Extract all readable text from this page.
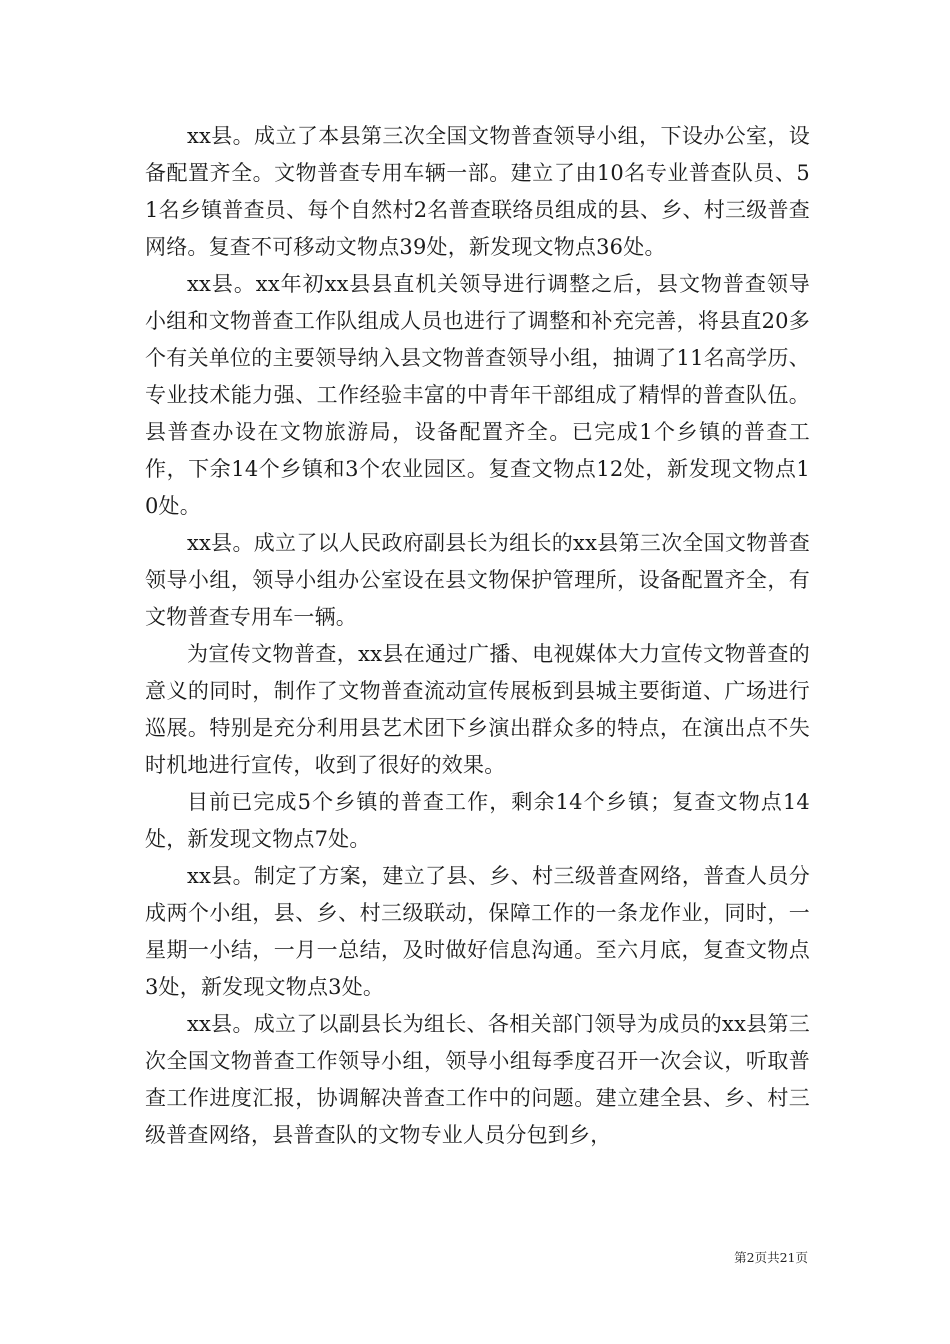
xx县。成立了本县第三次全国文物普查领导小组，下设办公室，设备配置齐全。文物普查专用车辆一部。建立了由10名专业普查队员、51名乡镇普查员、每个自然村2名普查联络员组成的县、乡、村三级普查网络。复查不可移动文物点39处，新发现文物点36处。

xx县。xx年初xx县县直机关领导进行调整之后，县文物普查领导小组和文物普查工作队组成人员也进行了调整和补充完善，将县直20多个有关单位的主要领导纳入县文物普查领导小组，抽调了11名高学历、专业技术能力强、工作经验丰富的中青年干部组成了精悍的普查队伍。县普查办设在文物旅游局，设备配置齐全。已完成1个乡镇的普查工作，下余14个乡镇和3个农业园区。复查文物点12处，新发现文物点10处。

xx县。成立了以人民政府副县长为组长的xx县第三次全国文物普查领导小组，领导小组办公室设在县文物保护管理所，设备配置齐全，有文物普查专用车一辆。

为宣传文物普查，xx县在通过广播、电视媒体大力宣传文物普查的意义的同时，制作了文物普查流动宣传展板到县城主要街道、广场进行巡展。特别是充分利用县艺术团下乡演出群众多的特点，在演出点不失时机地进行宣传，收到了很好的效果。

目前已完成5个乡镇的普查工作，剩余14个乡镇；复查文物点14处，新发现文物点7处。

xx县。制定了方案，建立了县、乡、村三级普查网络，普查人员分成两个小组，县、乡、村三级联动，保障工作的一条龙作业，同时，一星期一小结，一月一总结，及时做好信息沟通。至六月底，复查文物点3处，新发现文物点3处。

xx县。成立了以副县长为组长、各相关部门领导为成员的xx县第三次全国文物普查工作领导小组，领导小组每季度召开一次会议，听取普查工作进度汇报，协调解决普查工作中的问题。建立建全县、乡、村三级普查网络，县普查队的文物专业人员分包到乡，

第2页共21页
